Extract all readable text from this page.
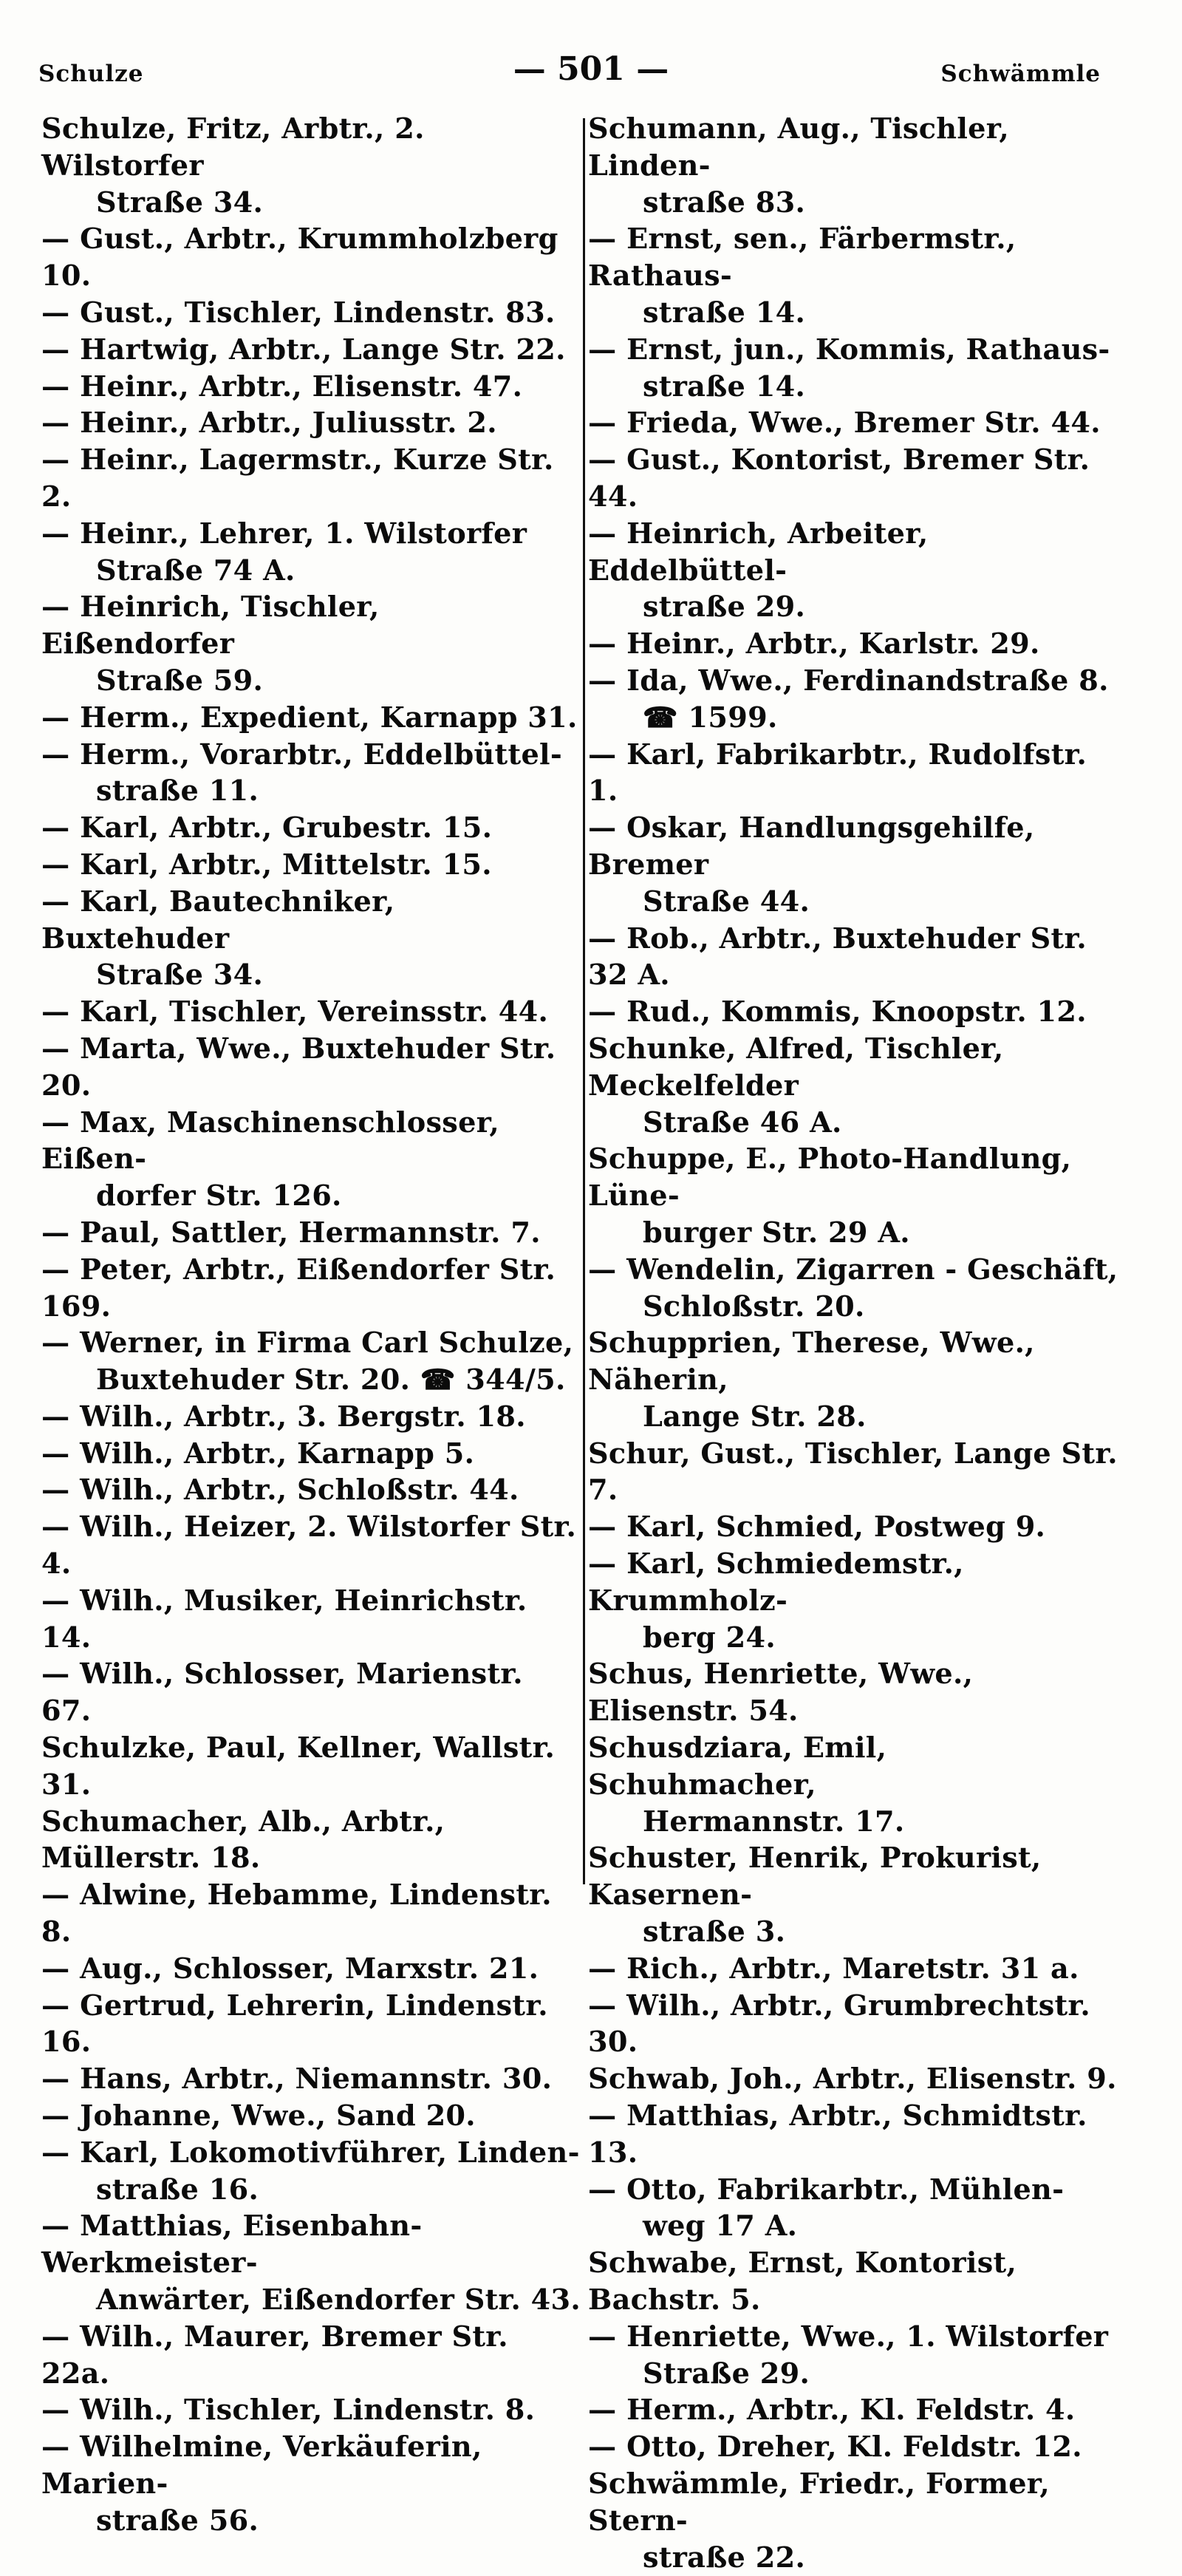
Schulze	— 501 —	Schwämmle
Schulze, Fritz, Arbtr., 2. Wilstorfer
Straße 34.
— Gust., Arbtr., Krummholzberg 10.
— Gust., Tischler, Lindenstr. 83.
— Hartwig, Arbtr., Lange Str. 22.
— Heinr., Arbtr., Elisenstr. 47.
— Heinr., Arbtr., Juliusstr. 2.
— Heinr., Lagermstr., Kurze Str. 2.
— Heinr., Lehrer, 1. Wilstorfer
Straße 74 A.
— Heinrich, Tischler, Eißendorfer
Straße 59.
— Herm., Expedient, Karnapp 31.
— Herm., Vorarbtr., Eddelbüttel-
straße 11.
— Karl, Arbtr., Grubestr. 15.
— Karl, Arbtr., Mittelstr. 15.
— Karl, Bautechniker, Buxtehuder
Straße 34.
— Karl, Tischler, Vereinsstr. 44.
— Marta, Wwe., Buxtehuder Str. 20.
— Max, Maschinenschlosser, Eißen-
dorfer Str. 126.
— Paul, Sattler, Hermannstr. 7.
— Peter, Arbtr., Eißendorfer Str. 169.
— Werner, in Firma Carl Schulze,
Buxtehuder Str. 20. ☎ 344/5.
— Wilh., Arbtr., 3. Bergstr. 18.
— Wilh., Arbtr., Karnapp 5.
— Wilh., Arbtr., Schloßstr. 44.
— Wilh., Heizer, 2. Wilstorfer Str. 4.
— Wilh., Musiker, Heinrichstr. 14.
— Wilh., Schlosser, Marienstr. 67.
Schulzke, Paul, Kellner, Wallstr. 31.
Schumacher, Alb., Arbtr., Müllerstr. 18.
— Alwine, Hebamme, Lindenstr. 8.
— Aug., Schlosser, Marxstr. 21.
— Gertrud, Lehrerin, Lindenstr. 16.
— Hans, Arbtr., Niemannstr. 30.
— Johanne, Wwe., Sand 20.
— Karl, Lokomotivführer, Linden-
straße 16.
— Matthias, Eisenbahn-Werkmeister-
Anwärter, Eißendorfer Str. 43.
— Wilh., Maurer, Bremer Str. 22a.
— Wilh., Tischler, Lindenstr. 8.
— Wilhelmine, Verkäuferin, Marien-
straße 56.
Schumann, Aug., Tischler, Linden-
straße 83.
— Ernst, sen., Färbermstr., Rathaus-
straße 14.
— Ernst, jun., Kommis, Rathaus-
straße 14.
— Frieda, Wwe., Bremer Str. 44.
— Gust., Kontorist, Bremer Str. 44.
— Heinrich, Arbeiter, Eddelbüttel-
straße 29.
— Heinr., Arbtr., Karlstr. 29.
— Ida, Wwe., Ferdinandstraße 8.
☎ 1599.
— Karl, Fabrikarbtr., Rudolfstr. 1.
— Oskar, Handlungsgehilfe, Bremer
Straße 44.
— Rob., Arbtr., Buxtehuder Str. 32 A.
— Rud., Kommis, Knoopstr. 12.
Schunke, Alfred, Tischler, Meckelfelder
Straße 46 A.
Schuppe, E., Photo-Handlung, Lüne-
burger Str. 29 A.
— Wendelin, Zigarren - Geschäft,
Schloßstr. 20.
Schupprien, Therese, Wwe., Näherin,
Lange Str. 28.
Schur, Gust., Tischler, Lange Str. 7.
— Karl, Schmied, Postweg 9.
— Karl, Schmiedemstr., Krummholz-
berg 24.
Schus, Henriette, Wwe., Elisenstr. 54.
Schusdziara, Emil, Schuhmacher,
Hermannstr. 17.
Schuster, Henrik, Prokurist, Kasernen-
straße 3.
— Rich., Arbtr., Maretstr. 31 a.
— Wilh., Arbtr., Grumbrechtstr. 30.
Schwab, Joh., Arbtr., Elisenstr. 9.
— Matthias, Arbtr., Schmidtstr. 13.
— Otto, Fabrikarbtr., Mühlen-
weg 17 A.
Schwabe, Ernst, Kontorist, Bachstr. 5.
— Henriette, Wwe., 1. Wilstorfer
Straße 29.
— Herm., Arbtr., Kl. Feldstr. 4.
— Otto, Dreher, Kl. Feldstr. 12.
Schwämmle, Friedr., Former, Stern-
straße 22.
